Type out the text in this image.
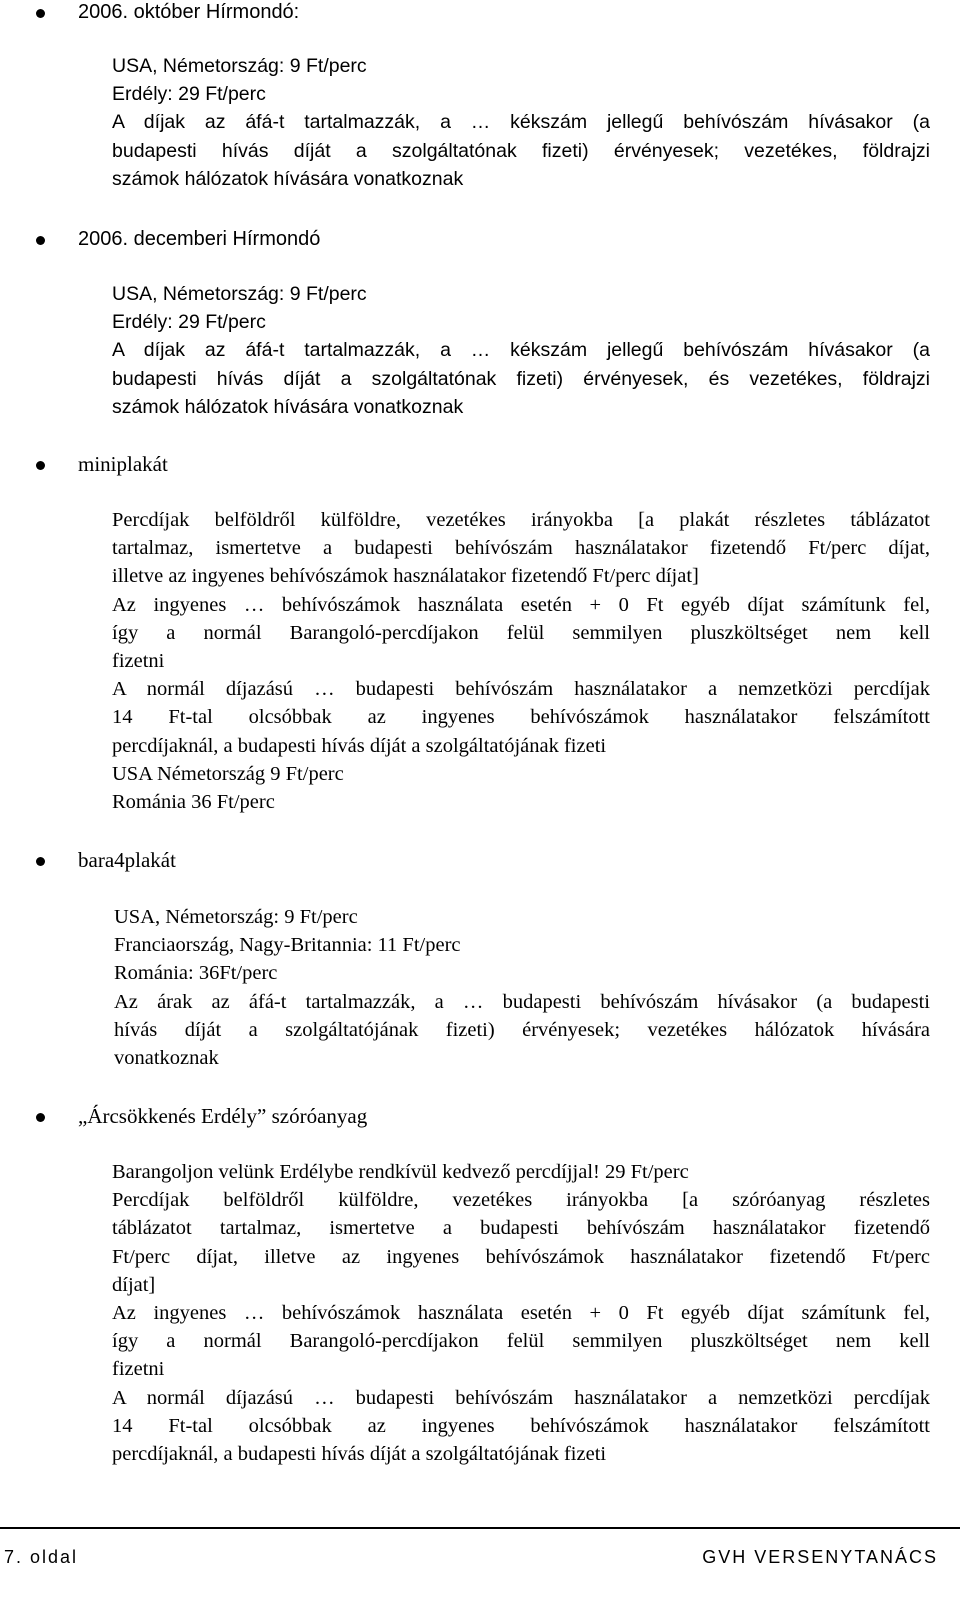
2006. október Hírmondó:
USA, Németország: 9 Ft/perc
Erdély: 29 Ft/perc
A díjak az áfá-t tartalmazzák, a … kékszám jellegű behívószám hívásakor (a
budapesti hívás díját a szolgáltatónak fizeti) érvényesek; vezetékes, földrajzi
számok hálózatok hívására vonatkoznak
2006. decemberi Hírmondó
USA, Németország: 9 Ft/perc
Erdély: 29 Ft/perc
A díjak az áfá-t tartalmazzák, a … kékszám jellegű behívószám hívásakor (a
budapesti hívás díját a szolgáltatónak fizeti) érvényesek, és vezetékes, földrajzi
számok hálózatok hívására vonatkoznak
miniplakát
Percdíjak belföldről külföldre, vezetékes irányokba [a plakát részletes táblázatot
tartalmaz, ismertetve a budapesti behívószám használatakor fizetendő Ft/perc díjat,
illetve az ingyenes behívószámok használatakor fizetendő Ft/perc díjat]
Az ingyenes … behívószámok használata esetén + 0 Ft egyéb díjat számítunk fel,
így a normál Barangoló-percdíjakon felül semmilyen pluszköltséget nem kell
fizetni
A normál díjazású … budapesti behívószám használatakor a nemzetközi percdíjak
14 Ft-tal olcsóbbak az ingyenes behívószámok használatakor felszámított
percdíjaknál, a budapesti hívás díját a szolgáltatójának fizeti
USA Németország 9 Ft/perc
Románia 36 Ft/perc
bara4plakát
USA, Németország: 9 Ft/perc
Franciaország, Nagy-Britannia: 11 Ft/perc
Románia: 36Ft/perc
Az árak az áfá-t tartalmazzák, a … budapesti behívószám hívásakor (a budapesti
hívás díját a szolgáltatójának fizeti) érvényesek; vezetékes hálózatok hívására
vonatkoznak
„Árcsökkenés Erdély” szóróanyag
Barangoljon velünk Erdélybe rendkívül kedvező percdíjjal! 29 Ft/perc
Percdíjak belföldről külföldre, vezetékes irányokba [a szóróanyag részletes
táblázatot tartalmaz, ismertetve a budapesti behívószám használatakor fizetendő
Ft/perc díjat, illetve az ingyenes behívószámok használatakor fizetendő Ft/perc
díjat]
Az ingyenes … behívószámok használata esetén + 0 Ft egyéb díjat számítunk fel,
így a normál Barangoló-percdíjakon felül semmilyen pluszköltséget nem kell
fizetni
A normál díjazású … budapesti behívószám használatakor a nemzetközi percdíjak
14 Ft-tal olcsóbbak az ingyenes behívószámok használatakor felszámított
percdíjaknál, a budapesti hívás díját a szolgáltatójának fizeti
7. oldal	GVH VERSENYTANÁCS
